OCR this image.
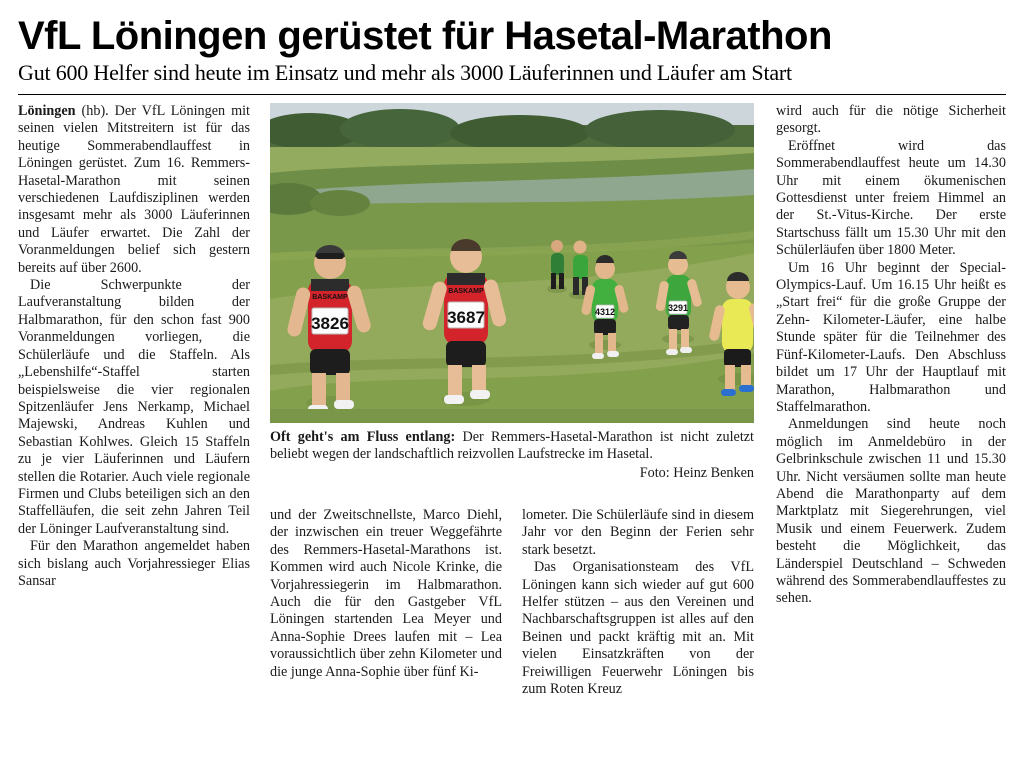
VfL Löningen gerüstet für Hasetal-Marathon
Gut 600 Helfer sind heute im Einsatz und mehr als 3000 Läuferinnen und Läufer am Start

Löningen (hb). Der VfL Löningen mit seinen vielen Mitstreitern ist für das heutige Sommerabendlauffest in Löningen gerüstet. Zum 16. Remmers-Hasetal-Marathon mit seinen verschiedenen Laufdisziplinen werden insgesamt mehr als 3000 Läuferinnen und Läufer erwartet. Die Zahl der Voranmeldungen belief sich gestern bereits auf über 2600.

Die Schwerpunkte der Laufveranstaltung bilden der Halbmarathon, für den schon fast 900 Voranmeldungen vorliegen, die Schülerläufe und die Staffeln. Als „Lebenshilfe“-Staffel starten beispielsweise die vier regionalen Spitzenläufer Jens Nerkamp, Michael Majewski, Andreas Kuhlen und Sebastian Kohlwes. Gleich 15 Staffeln zu je vier Läuferinnen und Läufern stellen die Rotarier. Auch viele regionale Firmen und Clubs beteiligen sich an den Staffelläufen, die seit zehn Jahren Teil der Löninger Laufveranstaltung sind.

Für den Marathon angemeldet haben sich bislang auch Vorjahressieger Elias Sansar

4312	3291
3826
BASKAMP
3687
BASKAMP
Oft geht's am Fluss entlang: Der Remmers-Hasetal-Marathon ist nicht zuletzt beliebt wegen der landschaftlich reizvollen Laufstrecke im Hasetal.
Foto: Heinz Benken

und der Zweitschnellste, Marco Diehl, der inzwischen ein treuer Weggefährte des Remmers-Hasetal-Marathons ist. Kommen wird auch Nicole Krinke, die Vorjahressiegerin im Halbmarathon. Auch die für den Gastgeber VfL Löningen startenden Lea Meyer und Anna-Sophie Drees laufen mit – Lea voraussichtlich über zehn Kilometer und die junge Anna-Sophie über fünf Ki-

lometer. Die Schülerläufe sind in diesem Jahr vor den Beginn der Ferien sehr stark besetzt.

Das Organisationsteam des VfL Löningen kann sich wieder auf gut 600 Helfer stützen – aus den Vereinen und Nachbarschaftsgruppen ist alles auf den Beinen und packt kräftig mit an. Mit vielen Einsatzkräften von der Freiwilligen Feuerwehr Löningen bis zum Roten Kreuz

wird auch für die nötige Sicherheit gesorgt.

Eröffnet wird das Sommerabendlauffest heute um 14.30 Uhr mit einem ökumenischen Gottesdienst unter freiem Himmel an der St.-Vitus-Kirche. Der erste Startschuss fällt um 15.30 Uhr mit den Schülerläufen über 1800 Meter.

Um 16 Uhr beginnt der Special-Olympics-Lauf. Um 16.15 Uhr heißt es „Start frei“ für die große Gruppe der Zehn- Kilometer-Läufer, eine halbe Stunde später für die Teilnehmer des Fünf-Kilometer-Laufs. Den Abschluss bildet um 17 Uhr der Hauptlauf mit Marathon, Halbmarathon und Staffelmarathon.

Anmeldungen sind heute noch möglich im Anmeldebüro in der Gelbrinkschule zwischen 11 und 15.30 Uhr. Nicht versäumen sollte man heute Abend die Marathonparty auf dem Marktplatz mit Siegerehrungen, viel Musik und einem Feuerwerk. Zudem besteht die Möglichkeit, das Länderspiel Deutschland – Schweden während des Sommerabendlauffestes zu sehen.
